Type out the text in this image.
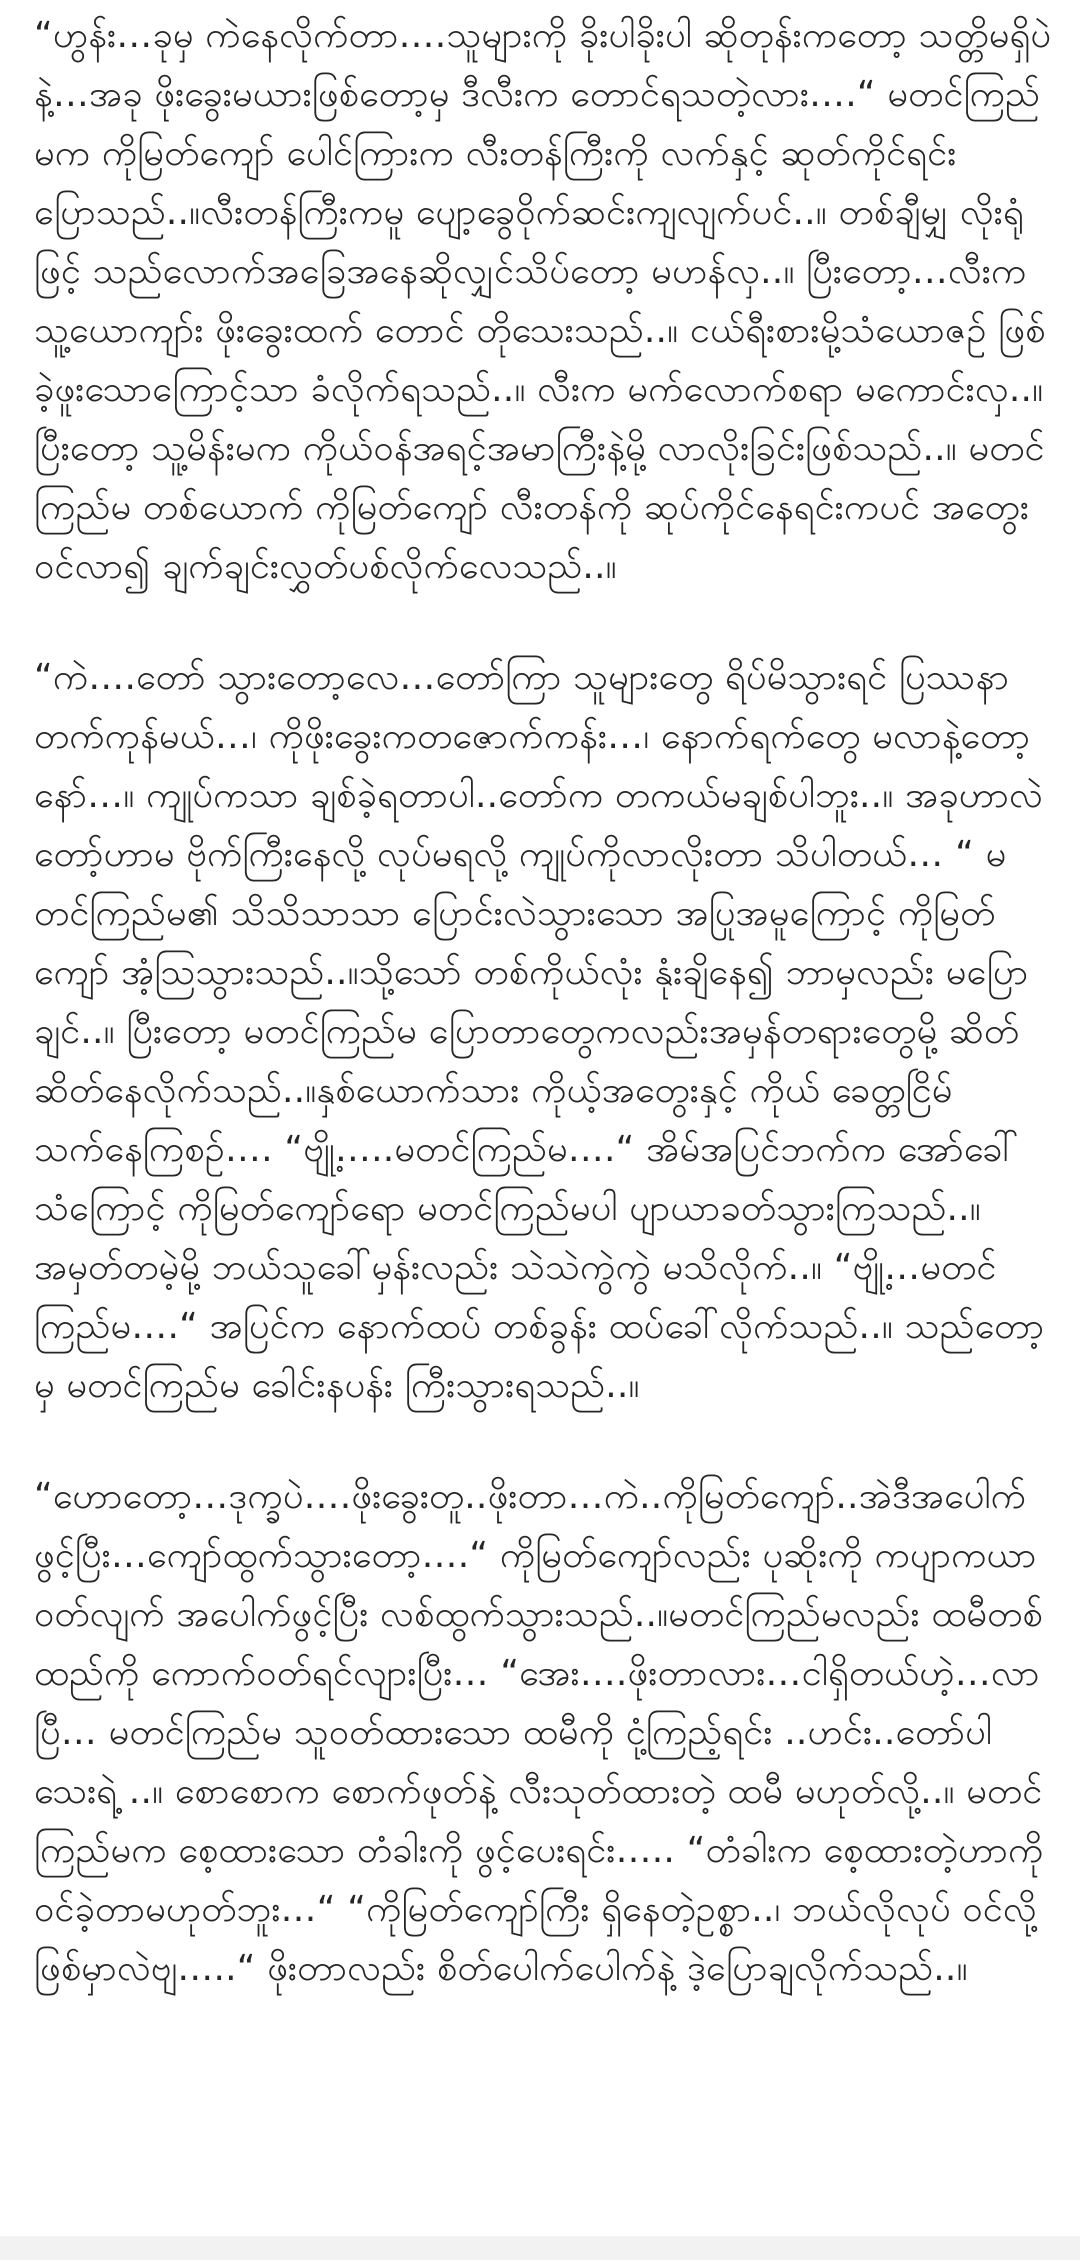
“ဟွန်း…ခုမှ ကဲနေလိုက်တာ….သူများကို ခိုးပါခိုးပါ ဆိုတုန်းကတော့ သတ္တိမရှိပဲနဲ့…အခု ဖိုးခွေးမယားဖြစ်တော့မှ ဒီလီးက တောင်ရသတဲ့လား….“ မတင်ကြည်မက ကိုမြတ်ကျော် ပေါင်ကြားက လီးတန်ကြီးကို လက်နှင့် ဆုတ်ကိုင်ရင်း ပြောသည်..။လီးတန်ကြီးကမူ ပျော့ခွေဝိုက်ဆင်းကျလျက်ပင်..။ တစ်ချီမျှ လိုးရုံဖြင့် သည်လောက်အခြေအနေဆိုလျှင်သိပ်တော့ မဟန်လှ..။ ပြီးတော့…လီးက သူ့ယောကျာ်း ဖိုးခွေးထက် တောင် တိုသေးသည်..။ ငယ်ရီးစားမို့သံယောဇဉ် ဖြစ်ခဲ့ဖူးသောကြောင့်သာ ခံလိုက်ရသည်..။ လီးက မက်လောက်စရာ မကောင်းလှ..။ ပြီးတော့ သူ့မိန်းမက ကိုယ်ဝန်အရင့်အမာကြီးနဲ့မို့ လာလိုးခြင်းဖြစ်သည်..။ မတင်ကြည်မ တစ်ယောက် ကိုမြတ်ကျော် လီးတန်ကို ဆုပ်ကိုင်နေရင်းကပင် အတွေးဝင်လာ၍ ချက်ချင်းလွှတ်ပစ်လိုက်လေသည်..။

“ကဲ….တော် သွားတော့လေ…တော်ကြာ သူများတွေ ရိပ်မိသွားရင် ပြဿနာတက်ကုန်မယ်…၊ ကိုဖိုးခွေးကတဇောက်ကန်း…၊ နောက်ရက်တွေ မလာနဲ့တော့နော်…။ ကျုပ်ကသာ ချစ်ခဲ့ရတာပါ..တော်က တကယ်မချစ်ပါဘူး..။ အခုဟာလဲ တော့်ဟာမ ဗိုက်ကြီးနေလို့ လုပ်မရလို့ ကျုပ်ကိုလာလိုးတာ သိပါတယ်… “ မတင်ကြည်မ၏ သိသိသာသာ ပြောင်းလဲသွားသော အပြုအမူကြောင့် ကိုမြတ်ကျော် အံ့သြသွားသည်..။သို့သော် တစ်ကိုယ်လုံး နုံးချိနေ၍ ဘာမှလည်း မပြောချင်..။ ပြီးတော့ မတင်ကြည်မ ပြောတာတွေကလည်းအမှန်တရားတွေမို့ ဆိတ်ဆိတ်နေလိုက်သည်..။နှစ်ယောက်သား ကိုယ့်အတွေးနှင့် ကိုယ် ခေတ္တငြိမ်သက်နေကြစဉ်…. “ဗျို့…..မတင်ကြည်မ….“ အိမ်အပြင်ဘက်က အော်ခေါ်သံကြောင့် ကိုမြတ်ကျော်ရော မတင်ကြည်မပါ ပျာယာခတ်သွားကြသည်..။ အမှတ်တမဲ့မို့ ဘယ်သူခေါ်မှန်းလည်း သဲသဲကွဲကွဲ မသိလိုက်..။ “ဗျို့…မတင်ကြည်မ….“ အပြင်က နောက်ထပ် တစ်ခွန်း ထပ်ခေါ်လိုက်သည်..။ သည်တော့မှ မတင်ကြည်မ ခေါင်းနပန်း ကြီးသွားရသည်..။

“ဟောတော့…ဒုက္ခပဲ….ဖိုးခွေးတူ..ဖိုးတာ…ကဲ..ကိုမြတ်ကျော်..အဲဒီအပေါက်ဖွင့်ပြီး…ကျော်ထွက်သွားတော့….“ ကိုမြတ်ကျော်လည်း ပုဆိုးကို ကပျာကယာဝတ်လျက် အပေါက်ဖွင့်ပြီး လစ်ထွက်သွားသည်..။မတင်ကြည်မလည်း ထမီတစ်ထည်ကို ကောက်ဝတ်ရင်လျားပြီး… “အေး….ဖိုးတာလား…ငါရှိတယ်ဟဲ့…လာပြီ… မတင်ကြည်မ သူဝတ်ထားသော ထမီကို ငုံ့ကြည့်ရင်း ..ဟင်း..တော်ပါသေးရဲ့ ..။ စောစောက စောက်ဖုတ်နဲ့ လီးသုတ်ထားတဲ့ ထမီ မဟုတ်လို့..။ မတင်ကြည်မက စေ့ထားသော တံခါးကို ဖွင့်ပေးရင်း….. “တံခါးက စေ့ထားတဲ့ဟာကို ဝင်ခဲ့တာမဟုတ်ဘူး…“ “ကိုမြတ်ကျော်ကြီး ရှိနေတဲ့ဥစ္စာ..၊ ဘယ်လိုလုပ် ဝင်လို့ ဖြစ်မှာလဲဗျ…..“ ဖိုးတာလည်း စိတ်ပေါက်ပေါက်နဲ့ ဒဲ့ပြောချလိုက်သည်..။
